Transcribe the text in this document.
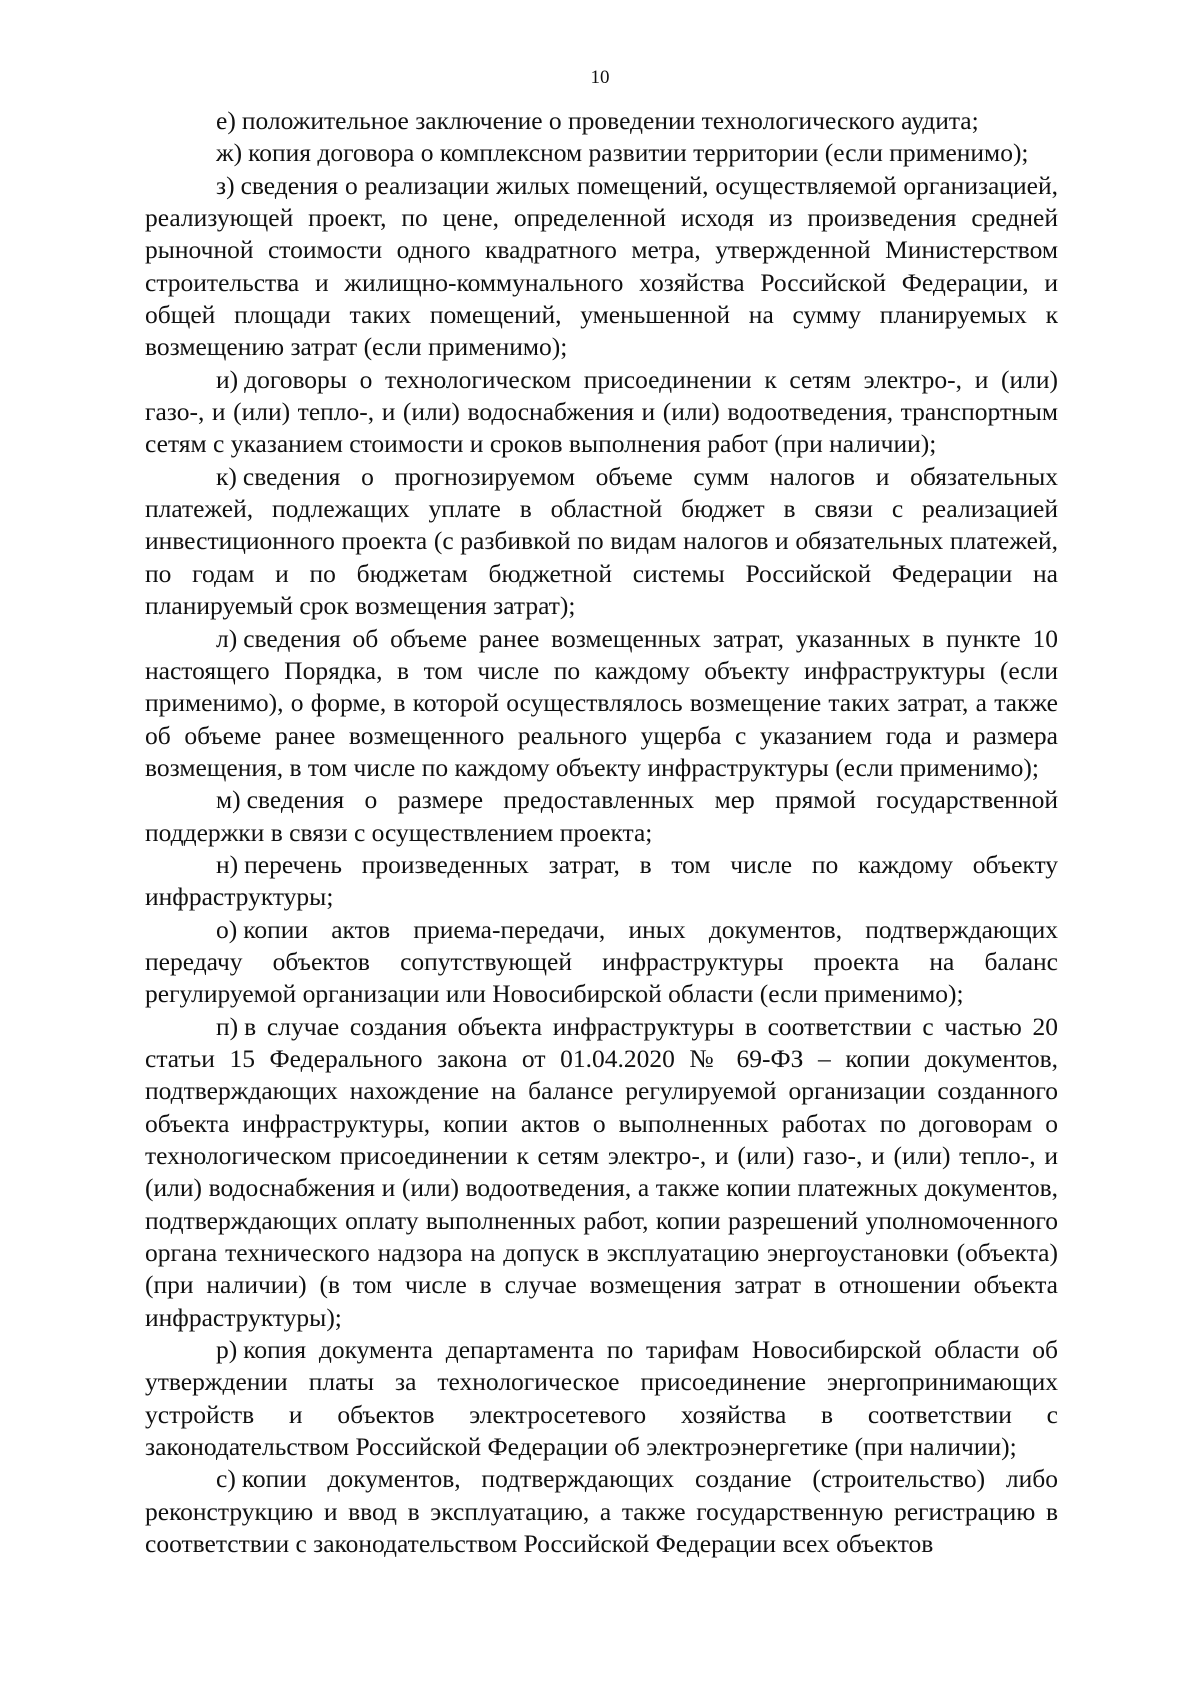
10

е) положительное заключение о проведении технологического аудита;

ж) копия договора о комплексном развитии территории (если применимо);

з) сведения о реализации жилых помещений, осуществляемой организацией, реализующей проект, по цене, определенной исходя из произведения средней рыночной стоимости одного квадратного метра, утвержденной Министерством строительства и жилищно-коммунального хозяйства Российской Федерации, и общей площади таких помещений, уменьшенной на сумму планируемых к возмещению затрат (если применимо);

и) договоры о технологическом присоединении к сетям электро-, и (или) газо-, и (или) тепло-, и (или) водоснабжения и (или) водоотведения, транспортным сетям с указанием стоимости и сроков выполнения работ (при наличии);

к) сведения о прогнозируемом объеме сумм налогов и обязательных платежей, подлежащих уплате в областной бюджет в связи с реализацией инвестиционного проекта (с разбивкой по видам налогов и обязательных платежей, по годам и по бюджетам бюджетной системы Российской Федерации на планируемый срок возмещения затрат);

л) сведения об объеме ранее возмещенных затрат, указанных в пункте 10 настоящего Порядка, в том числе по каждому объекту инфраструктуры (если применимо), о форме, в которой осуществлялось возмещение таких затрат, а также об объеме ранее возмещенного реального ущерба с указанием года и размера возмещения, в том числе по каждому объекту инфраструктуры (если применимо);

м) сведения о размере предоставленных мер прямой государственной поддержки в связи с осуществлением проекта;

н) перечень произведенных затрат, в том числе по каждому объекту инфраструктуры;

о) копии актов приема-передачи, иных документов, подтверждающих передачу объектов сопутствующей инфраструктуры проекта на баланс регулируемой организации или Новосибирской области (если применимо);

п) в случае создания объекта инфраструктуры в соответствии с частью 20 статьи 15 Федерального закона от 01.04.2020 № 69-ФЗ – копии документов, подтверждающих нахождение на балансе регулируемой организации созданного объекта инфраструктуры, копии актов о выполненных работах по договорам о технологическом присоединении к сетям электро-, и (или) газо-, и (или) тепло-, и (или) водоснабжения и (или) водоотведения, а также копии платежных документов, подтверждающих оплату выполненных работ, копии разрешений уполномоченного органа технического надзора на допуск в эксплуатацию энергоустановки (объекта) (при наличии) (в том числе в случае возмещения затрат в отношении объекта инфраструктуры);

р) копия документа департамента по тарифам Новосибирской области об утверждении платы за технологическое присоединение энергопринимающих устройств и объектов электросетевого хозяйства в соответствии с законодательством Российской Федерации об электроэнергетике (при наличии);

с) копии документов, подтверждающих создание (строительство) либо реконструкцию и ввод в эксплуатацию, а также государственную регистрацию в соответствии с законодательством Российской Федерации всех объектов
